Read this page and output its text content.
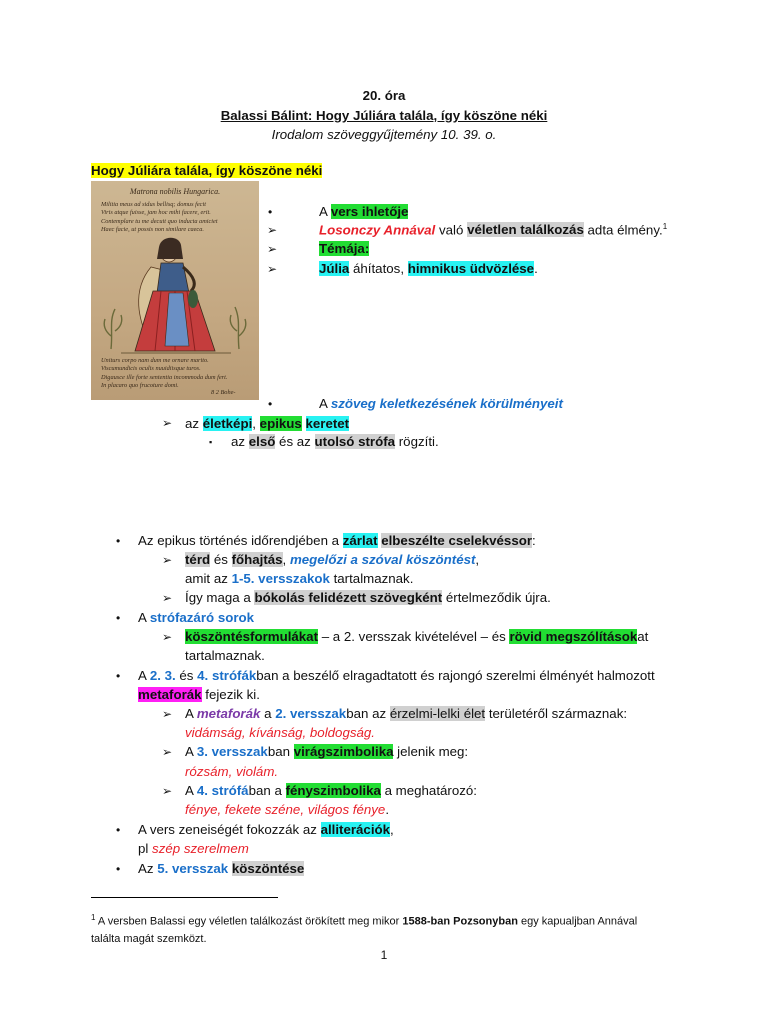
20. óra
Balassi Bálint: Hogy Júliára talála, így köszöne néki
Irodalom szöveggyűjtemény 10. 39. o.
Hogy Júliára talála, így köszöne néki
Matrona nobilis Hungarica.
Militia meus ad sidus bellisq; domus fecit
Viris atque fuisse, jam hoc mihi facere, erit.
Contemplare tu me decuit quo inducta amiciet
Haec facie, ut possis non similare caeca.
Uniturs corpo nam dum me ornare marito.
Viscumundicis oculis nuuidiisque turos.
Digausce ille forte sententia incommoda dum fert.
In placaro quo frucoture domi.
8 2 Bohe-
•	A vers ihletője
➢	Losonczy Annával való véletlen találkozás adta élmény.$^1$
➢	Témája:
➢	Júlia áhítatos, himnikus üdvözlése.
•	A szöveg keletkezésének körülményeit
➢ az életképi, epikus keretet
▪ az első és az utolsó strófa rögzíti.
• Az epikus történés időrendjében a zárlat elbeszélte cselekvéssor:
➢ térd és főhajtás, megelőzi a szóval köszöntést,
amit az 1-5. versszakok tartalmaznak.
➢ Így maga a bókolás felidézett szövegként értelmeződik újra.
• A strófazáró sorok
➢ köszöntésformulákat – a 2. versszak kivételével – és rövid megszólításokat
tartalmaznak.
• A 2. 3. és 4. strófákban a beszélő elragadtatott és rajongó szerelmi élményét halmozott
metaforák fejezik ki.
➢ A metaforák a 2. versszakban az érzelmi-lelki élet területéről származnak:
vidámság, kívánság, boldogság.
➢ A 3. versszakban virágszimbolika jelenik meg:
rózsám, violám.
➢ A 4. strófában a fényszimbolika a meghatározó:
fénye, fekete széne, világos fénye.
• A vers zeneiségét fokozzák az alliterációk,
pl szép szerelmem
• Az 5. versszak köszöntése
$^1$ A versben Balassi egy véletlen találkozást örökített meg mikor 1588-ban Pozsonyban egy kapualjban Annával
találta magát szemközt.
1
